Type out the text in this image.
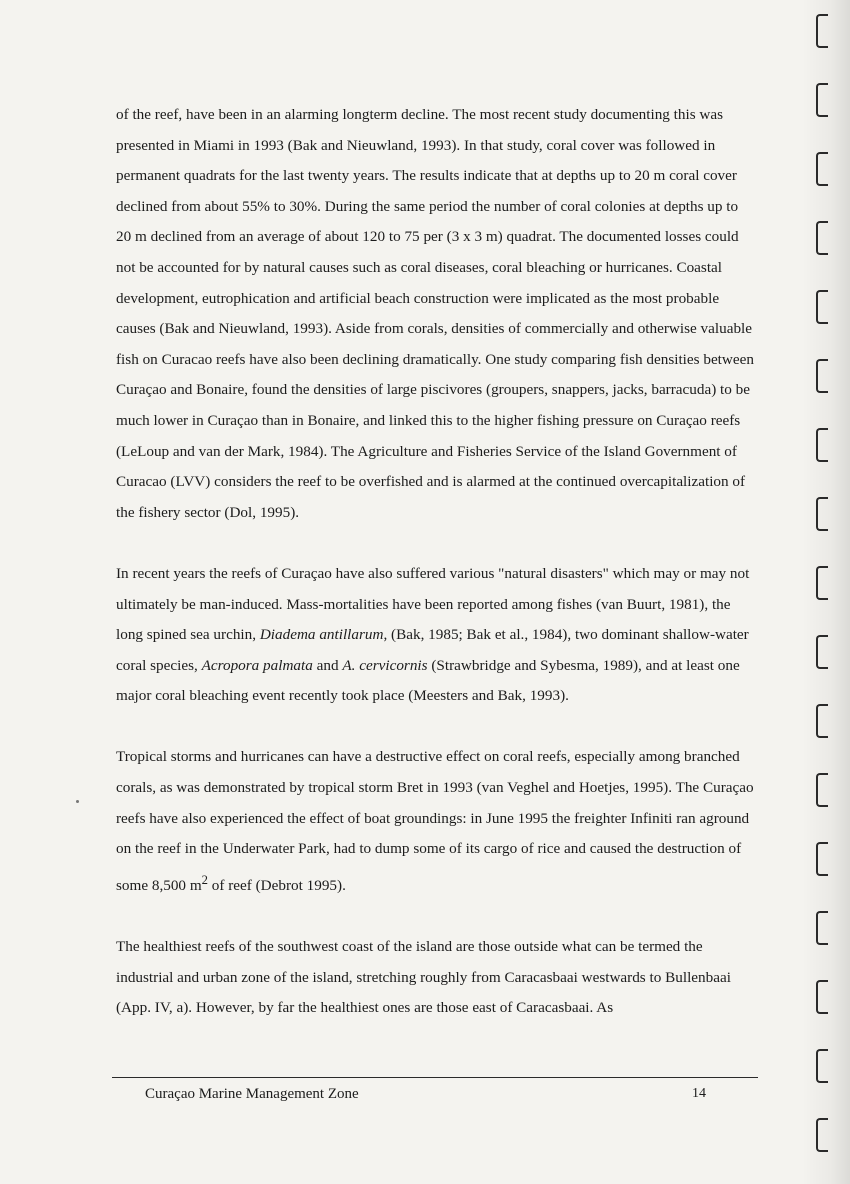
of the reef, have been in an alarming longterm decline. The most recent study documenting this was presented in Miami in 1993 (Bak and Nieuwland, 1993). In that study, coral cover was followed in permanent quadrats for the last twenty years. The results indicate that at depths up to 20 m coral cover declined from about 55% to 30%. During the same period the number of coral colonies at depths up to 20 m declined from an average of about 120 to 75 per (3 x 3 m) quadrat. The documented losses could not be accounted for by natural causes such as coral diseases, coral bleaching or hurricanes. Coastal development, eutrophication and artificial beach construction were implicated as the most probable causes (Bak and Nieuwland, 1993). Aside from corals, densities of commercially and otherwise valuable fish on Curacao reefs have also been declining dramatically. One study comparing fish densities between Curaçao and Bonaire, found the densities of large piscivores (groupers, snappers, jacks, barracuda) to be much lower in Curaçao than in Bonaire, and linked this to the higher fishing pressure on Curaçao reefs (LeLoup and van der Mark, 1984). The Agriculture and Fisheries Service of the Island Government of Curacao (LVV) considers the reef to be overfished and is alarmed at the continued overcapitalization of the fishery sector (Dol, 1995).

In recent years the reefs of Curaçao have also suffered various "natural disasters" which may or may not ultimately be man-induced. Mass-mortalities have been reported among fishes (van Buurt, 1981), the long spined sea urchin, Diadema antillarum, (Bak, 1985; Bak et al., 1984), two dominant shallow-water coral species, Acropora palmata and A. cervicornis (Strawbridge and Sybesma, 1989), and at least one major coral bleaching event recently took place (Meesters and Bak, 1993).

Tropical storms and hurricanes can have a destructive effect on coral reefs, especially among branched corals, as was demonstrated by tropical storm Bret in 1993 (van Veghel and Hoetjes, 1995). The Curaçao reefs have also experienced the effect of boat groundings: in June 1995 the freighter Infiniti ran aground on the reef in the Underwater Park, had to dump some of its cargo of rice and caused the destruction of some 8,500 $m^2$ of reef (Debrot 1995).

The healthiest reefs of the southwest coast of the island are those outside what can be termed the industrial and urban zone of the island, stretching roughly from Caracasbaai westwards to Bullenbaai (App. IV, a). However, by far the healthiest ones are those east of Caracasbaai. As

Curaçao Marine Management Zone	14
